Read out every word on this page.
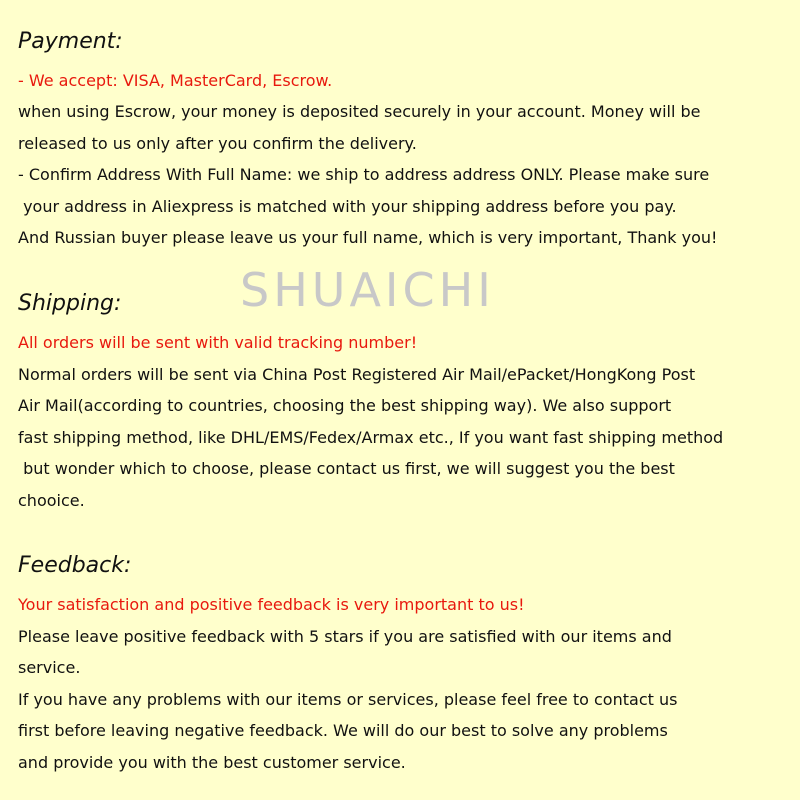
Payment:
- We accept: VISA, MasterCard, Escrow.
when using Escrow, your money is deposited securely in your account. Money will be
released to us only after you confirm the delivery.
- Confirm Address With Full Name: we ship to address address ONLY. Please make sure
your address in Aliexpress is matched with your shipping address before you pay.
And Russian buyer please leave us your full name, which is very important, Thank you!
SHUAICHI
Shipping:
All orders will be sent with valid tracking number!
Normal orders will be sent via China Post Registered Air Mail/ePacket/HongKong Post
Air Mail(according to countries, choosing the best shipping way). We also support
fast shipping method, like DHL/EMS/Fedex/Armax etc., If you want fast shipping method
but wonder which to choose, please contact us first, we will suggest you the best
chooice.
Feedback:
Your satisfaction and positive feedback is very important to us!
Please leave positive feedback with 5 stars if you are satisfied with our items and
service.
If you have any problems with our items or services, please feel free to contact us
first before leaving negative feedback. We will do our best to solve any problems
and provide you with the best customer service.
